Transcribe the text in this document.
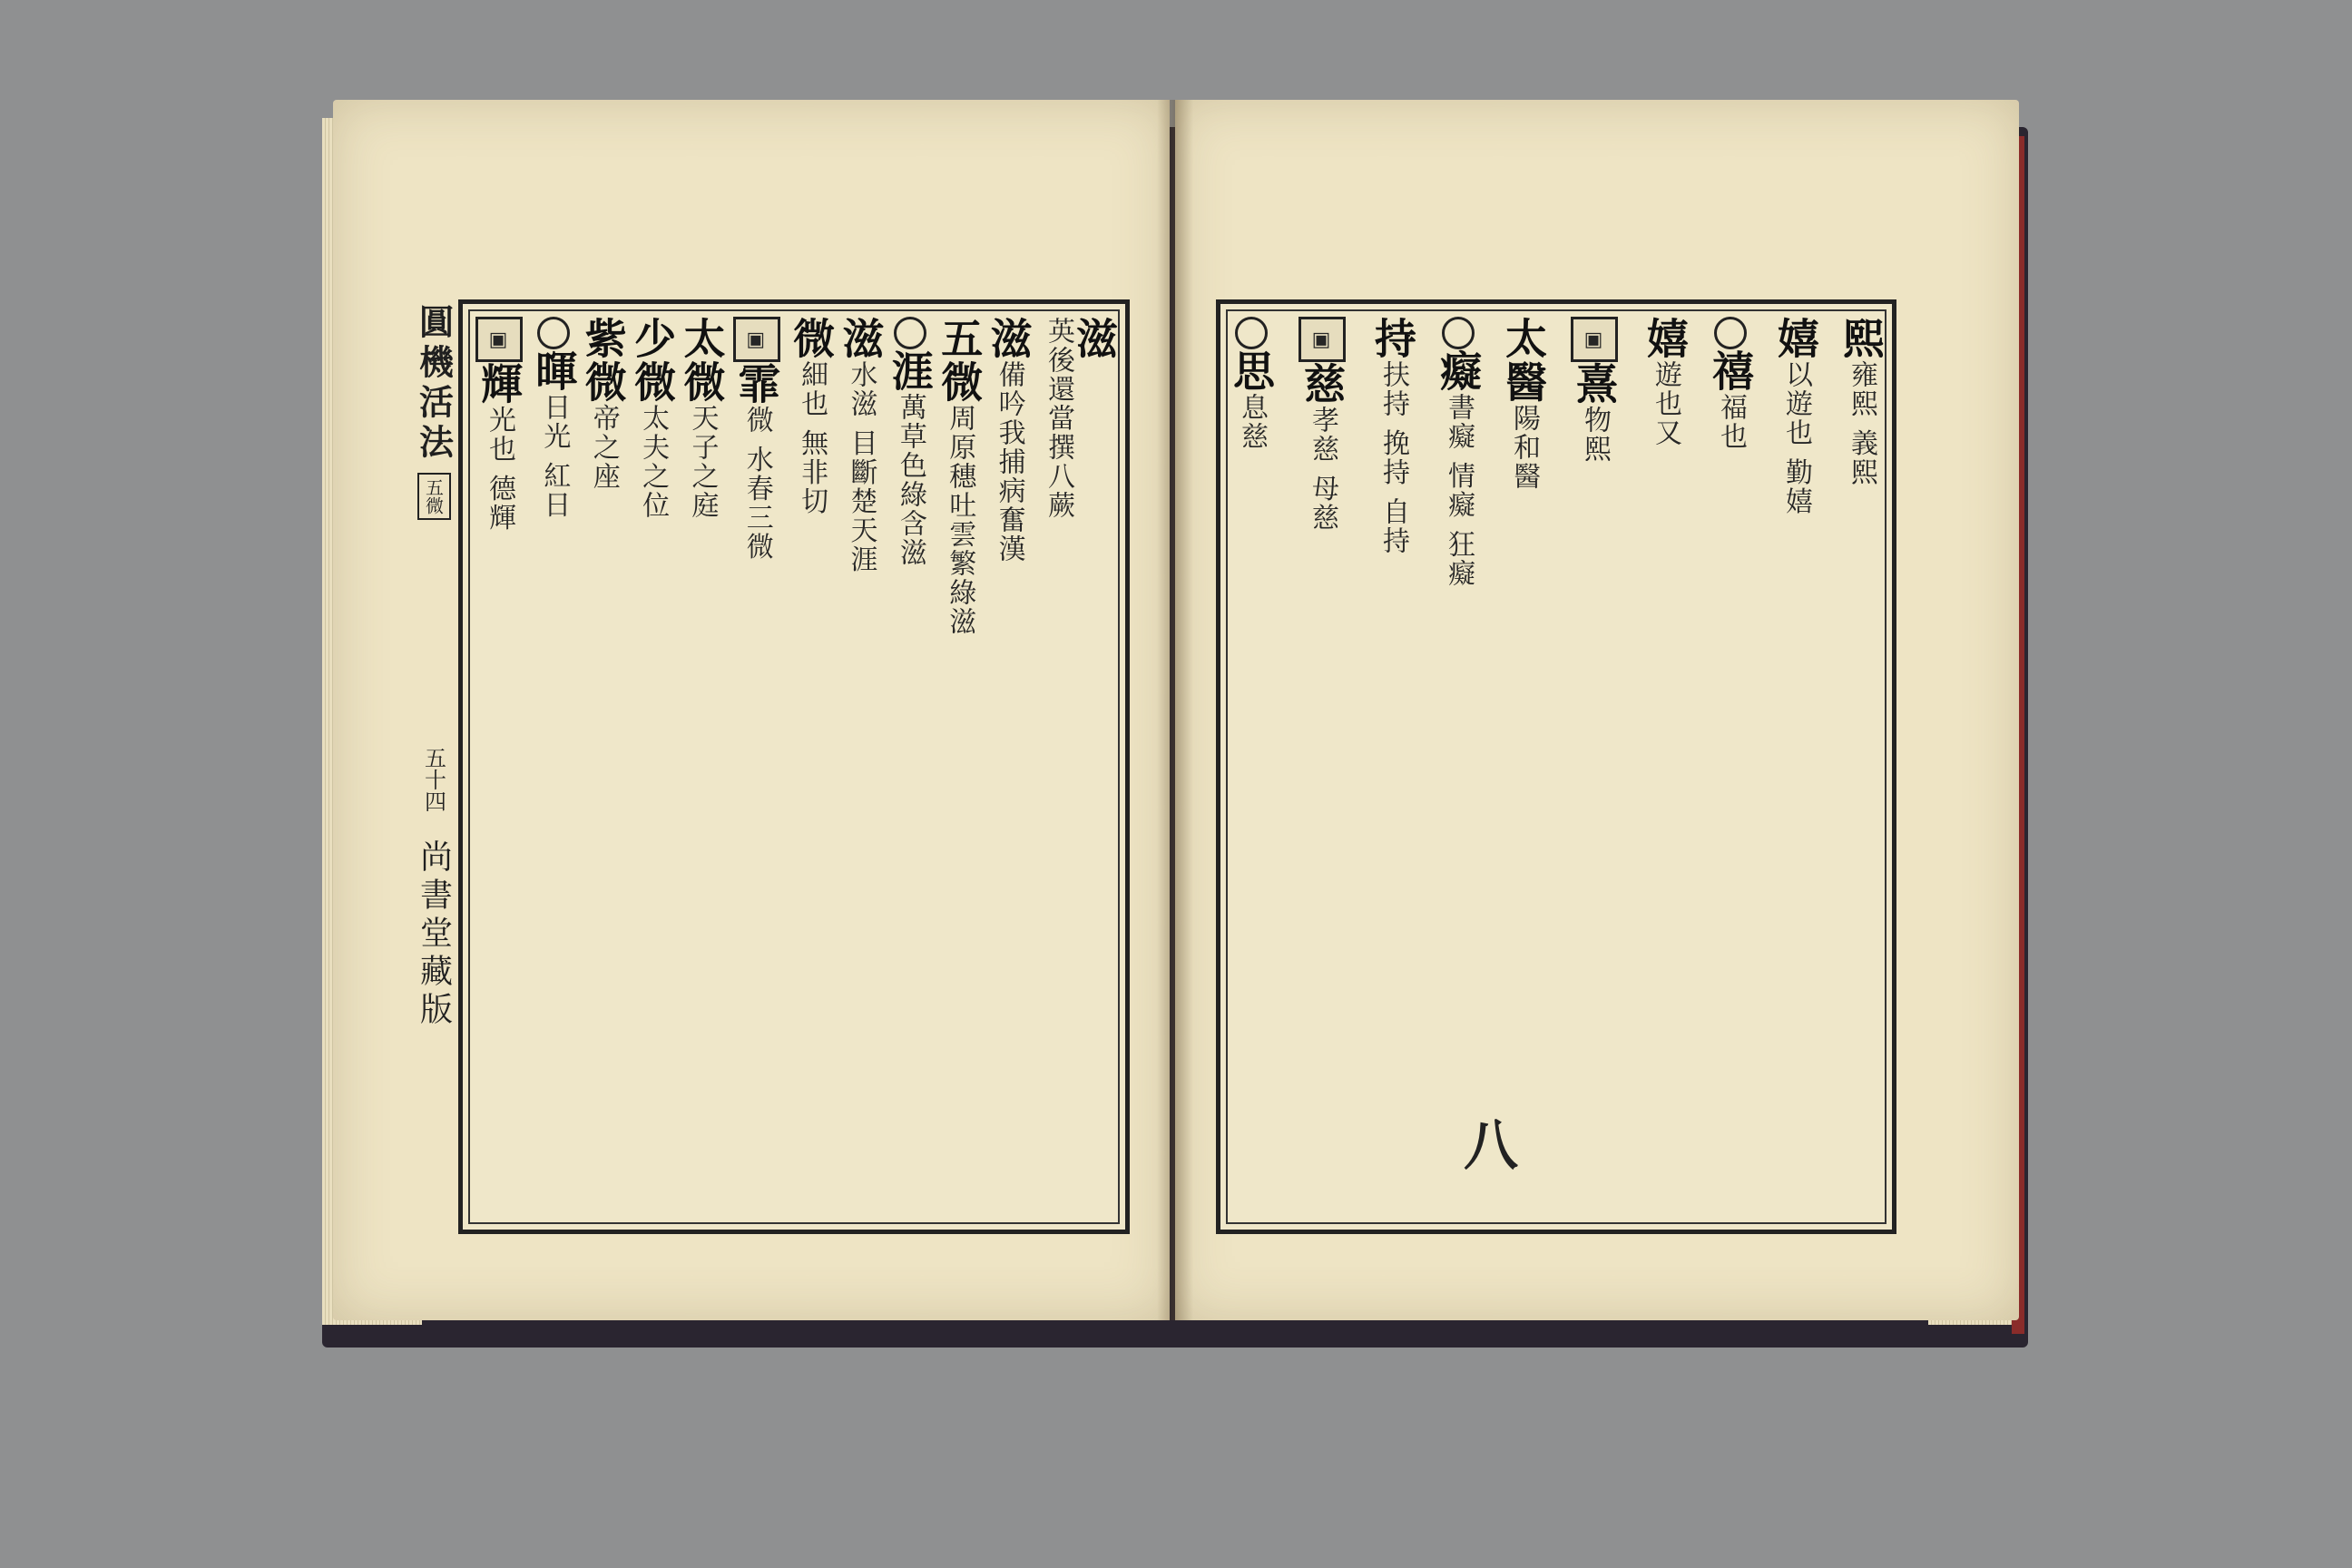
圓機活法
五微
五十四
尚書堂藏版
滋
英後還當撰八蕨
滋備吟我捕病奮漢
五微周原穗吐雲繁綠滋
涯萬草色綠含滋
滋水滋 目斷楚天涯
微細也 無非切
▣霏微 水春三微
太微天子之庭
少微太夫之位
紫微帝之座
暉日光 紅日
▣輝光也 德輝
熙雍熙 義熙
嬉以遊也 勤嬉
禧福也
嬉遊也又
▣熹物熙
太醫陽和醫
癡書癡 情癡 狂癡
持扶持 挽持 自持
▣慈孝慈 母慈
思息慈
八
